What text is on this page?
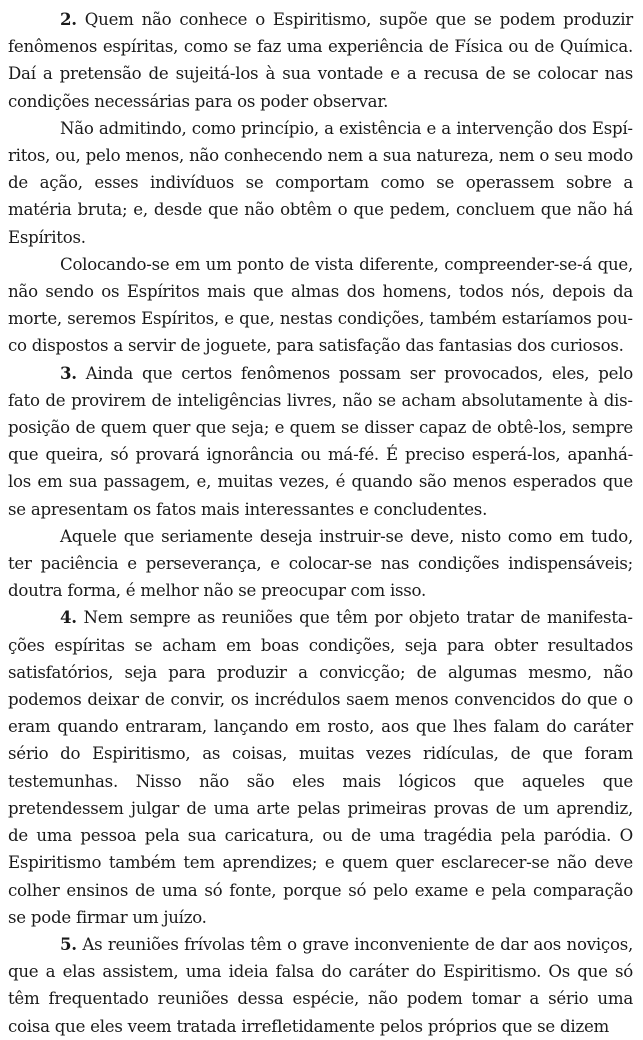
2. Quem não conhece o Espiritismo, supõe que se podem produzir fenômenos espíritas, como se faz uma experiência de Física ou de Química. Daí a pretensão de sujeitá-los à sua vontade e a recusa de se colocar nas condições necessárias para os poder observar.

Não admitindo, como princípio, a existência e a intervenção dos Espíritos, ou, pelo menos, não conhecendo nem a sua natureza, nem o seu modo de ação, esses indivíduos se comportam como se operassem sobre a matéria bruta; e, desde que não obtêm o que pedem, concluem que não há Espíritos.

Colocando-se em um ponto de vista diferente, compreender-se-á que, não sendo os Espíritos mais que almas dos homens, todos nós, depois da morte, seremos Espíritos, e que, nestas condições, também estaríamos pouco dispostos a servir de joguete, para satisfação das fantasias dos curiosos.

3. Ainda que certos fenômenos possam ser provocados, eles, pelo fato de provirem de inteligências livres, não se acham absolutamente à disposição de quem quer que seja; e quem se disser capaz de obtê-los, sempre que queira, só provará ignorância ou má-fé. É preciso esperá-los, apanhá-los em sua passagem, e, muitas vezes, é quando são menos esperados que se apresentam os fatos mais interessantes e concludentes.

Aquele que seriamente deseja instruir-se deve, nisto como em tudo, ter paciência e perseverança, e colocar-se nas condições indispensáveis; doutra forma, é melhor não se preocupar com isso.

4. Nem sempre as reuniões que têm por objeto tratar de manifestações espíritas se acham em boas condições, seja para obter resultados satisfatórios, seja para produzir a convicção; de algumas mesmo, não podemos deixar de convir, os incrédulos saem menos convencidos do que o eram quando entraram, lançando em rosto, aos que lhes falam do caráter sério do Espiritismo, as coisas, muitas vezes ridículas, de que foram testemunhas. Nisso não são eles mais lógicos que aqueles que pretendessem julgar de uma arte pelas primeiras provas de um aprendiz, de uma pessoa pela sua caricatura, ou de uma tragédia pela paródia. O Espiritismo também tem aprendizes; e quem quer esclarecer-se não deve colher ensinos de uma só fonte, porque só pelo exame e pela comparação se pode firmar um juízo.

5. As reuniões frívolas têm o grave inconveniente de dar aos noviços, que a elas assistem, uma ideia falsa do caráter do Espiritismo. Os que só têm frequentado reuniões dessa espécie, não podem tomar a sério uma coisa que eles veem tratada irrefletidamente pelos próprios que se dizem
